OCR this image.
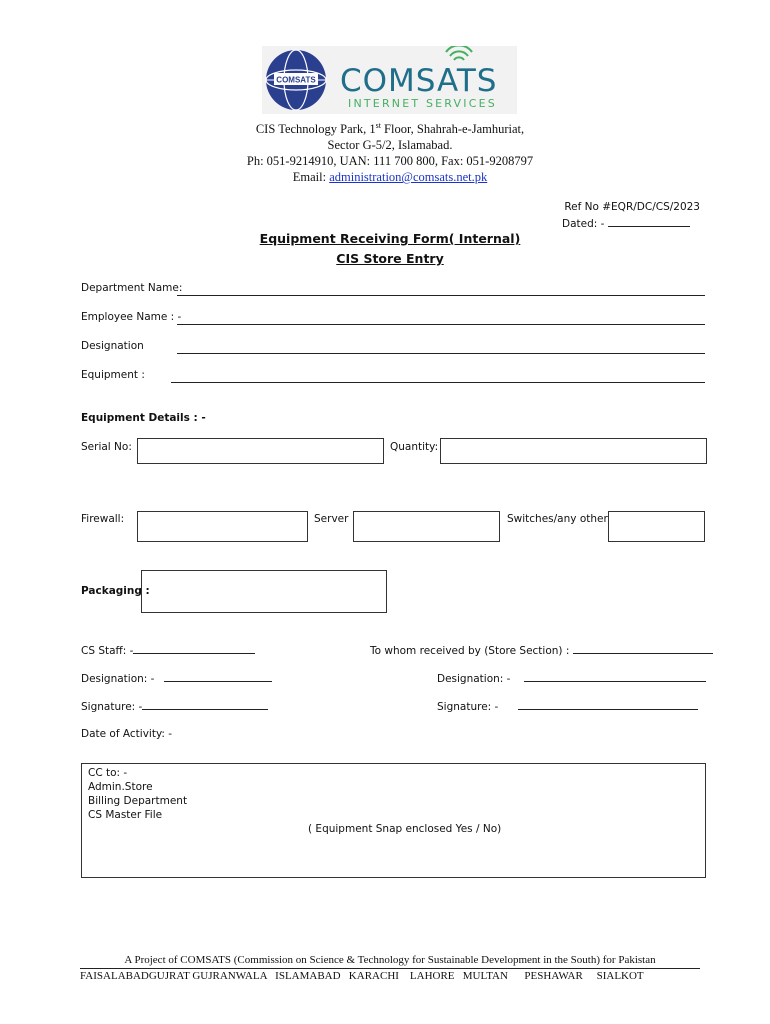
COMSATS COMSATS
INTERNET SERVICES
CIS Technology Park, 1st Floor, Shahrah-e-Jamhuriat,
Sector G-5/2, Islamabad.
Ph: 051-9214910, UAN: 111 700 800, Fax: 051-9208797
Email: administration@comsats.net.pk
Ref No #EQR/DC/CS/2023
Dated: -
Equipment Receiving Form( Internal)
CIS Store Entry
Department Name:
Employee Name : -
Designation
Equipment :
Equipment Details : -
Serial No:	Quantity:
Firewall:	Server	Switches/any other
Packaging :
CS Staff: -	To whom received by (Store Section) :
Designation: -	Designation: -
Signature: -	Signature: -
Date of Activity: -
CC to: -
Admin.Store
Billing Department
CS Master File
( Equipment Snap enclosed Yes / No)
A Project of COMSATS (Commission on Science & Technology for Sustainable Development in the South) for Pakistan
FAISALABADGUJRAT GUJRANWALA   ISLAMABAD   KARACHI    LAHORE   MULTAN      PESHAWAR     SIALKOT
